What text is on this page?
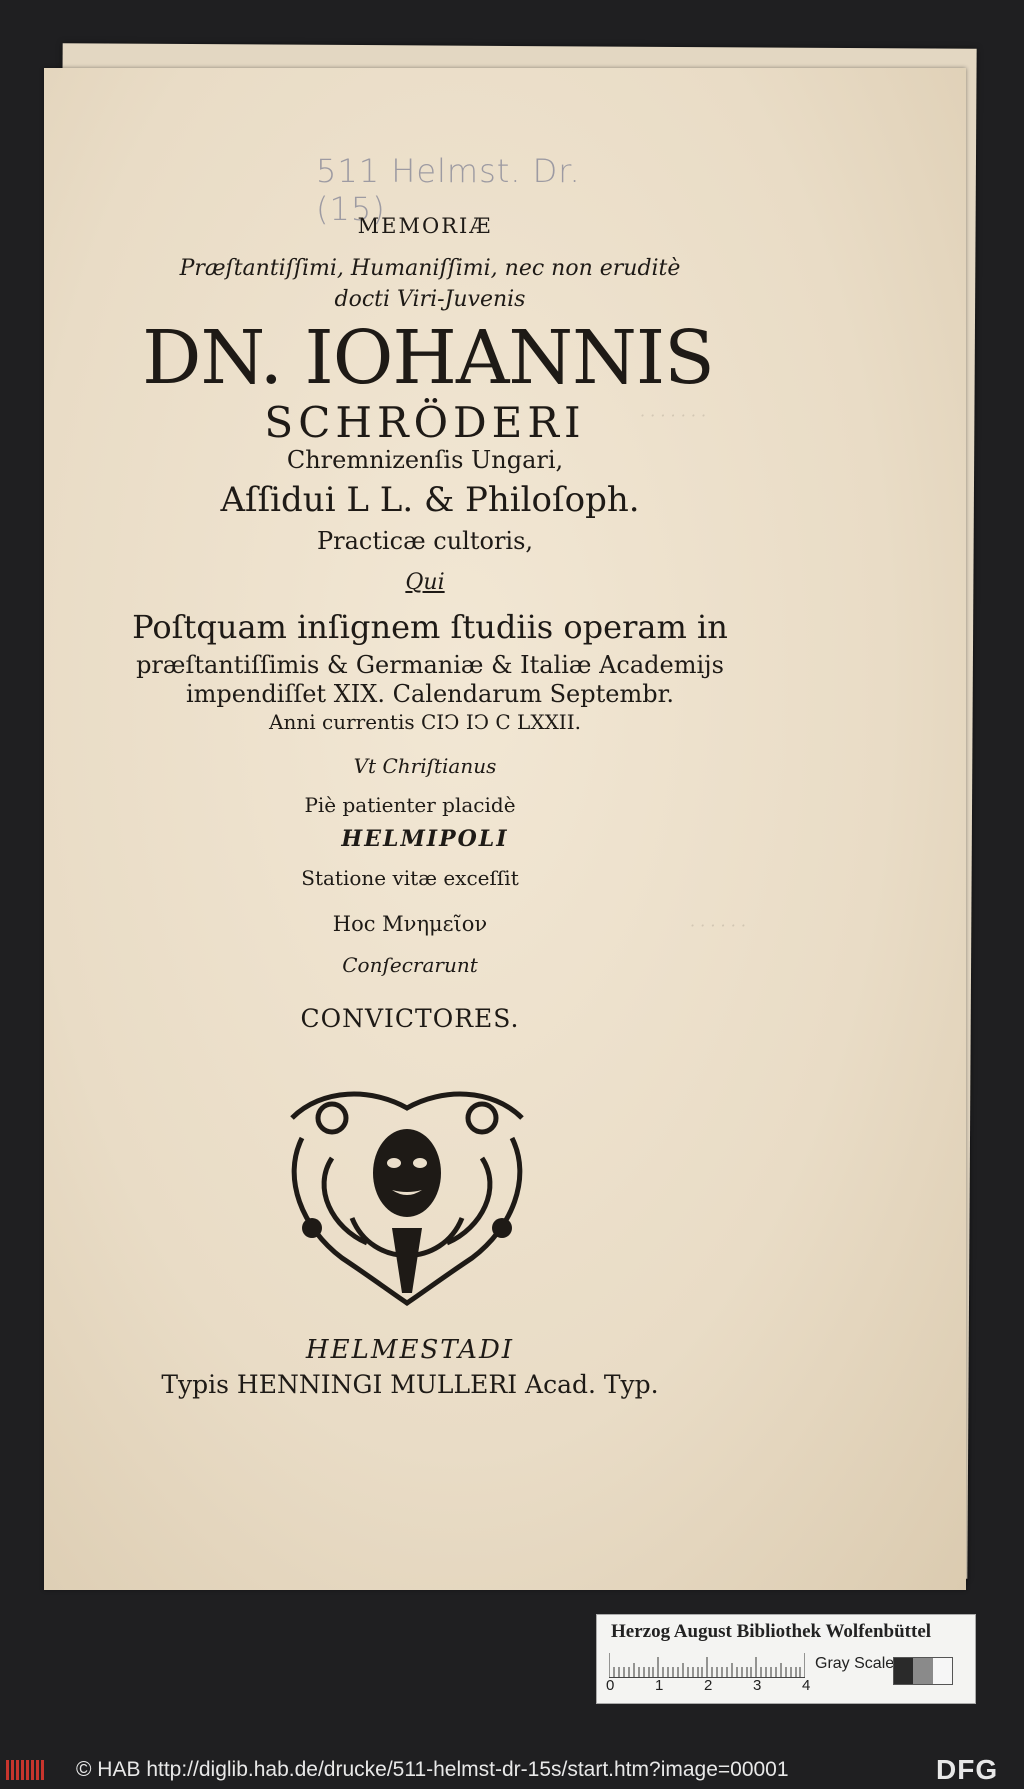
· · · · · · ·
· · · · · ·
511 Helmst. Dr. (15)
MEMORIÆ
Præſtantiſſimi, Humaniſſimi, nec non eruditè
docti Viri-Juvenis
DN. IOHANNIS
SCHRÖDERI
Chremnizenſis Ungari,
Aſſidui L L. & Philoſoph.
Practicæ cultoris,
Qui
Poſtquam inſignem ſtudiis operam in
præſtantiſſimis & Germaniæ & Italiæ Academijs
impendiſſet XIX. Calendarum Septembr.
Anni currentis CIↃ IↃ C LXXII.
Vt Chriſtianus
Piè patienter placidè
HELMIPOLI
Statione vitæ exceſſit
Hoc Μνημεῖον
Conſecrarunt
CONVICTORES.
HELMESTADI
Typis HENNINGI MULLERI Acad. Typ.
Herzog August Bibliothek Wolfenbüttel
0	1	2	3	4
Gray Scale
© HAB http://diglib.hab.de/drucke/511-helmst-dr-15s/start.htm?image=00001	DFG
